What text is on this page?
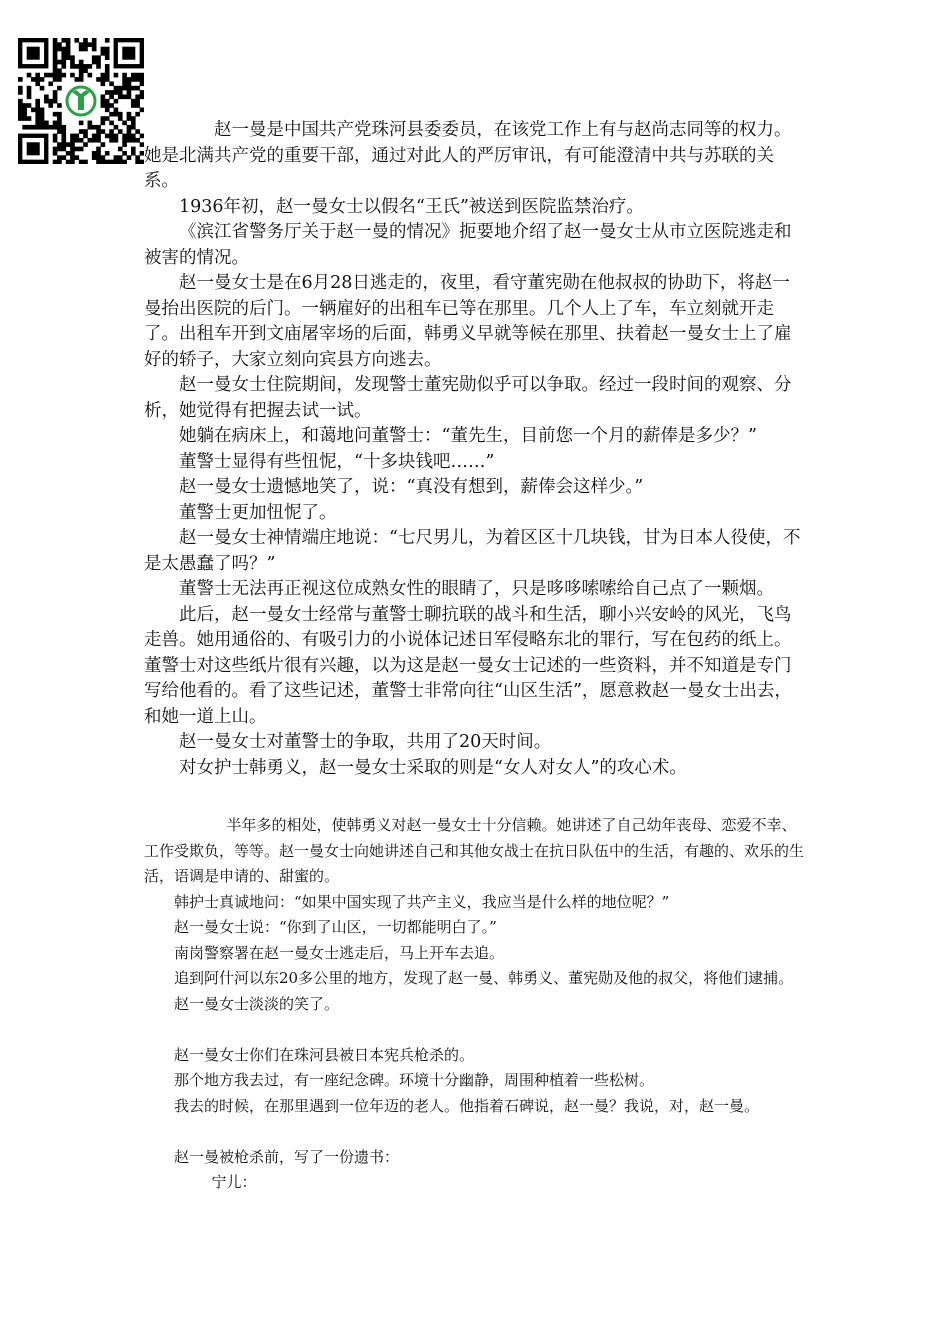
赵一曼是中国共产党珠河县委委员，在该党工作上有与赵尚志同等的权力。她是北满共产党的重要干部，通过对此人的严厉审讯，有可能澄清中共与苏联的关系。

1936年初，赵一曼女士以假名“王氏”被送到医院监禁治疗。

《滨江省警务厅关于赵一曼的情况》扼要地介绍了赵一曼女士从市立医院逃走和被害的情况。

赵一曼女士是在6月28日逃走的，夜里，看守董宪勋在他叔叔的协助下，将赵一曼抬出医院的后门。一辆雇好的出租车已等在那里。几个人上了车，车立刻就开走了。出租车开到文庙屠宰场的后面，韩勇义早就等候在那里、扶着赵一曼女士上了雇好的轿子，大家立刻向宾县方向逃去。

赵一曼女士住院期间，发现警士董宪勋似乎可以争取。经过一段时间的观察、分析，她觉得有把握去试一试。

她躺在病床上，和蔼地问董警士：“董先生，目前您一个月的薪俸是多少？”

董警士显得有些忸怩，“十多块钱吧……”

赵一曼女士遗憾地笑了，说：“真没有想到，薪俸会这样少。”

董警士更加忸怩了。

赵一曼女士神情端庄地说：“七尺男儿，为着区区十几块钱，甘为日本人役使，不是太愚蠢了吗？”

董警士无法再正视这位成熟女性的眼睛了，只是哆哆嗦嗦给自己点了一颗烟。

此后，赵一曼女士经常与董警士聊抗联的战斗和生活，聊小兴安岭的风光，飞鸟走兽。她用通俗的、有吸引力的小说体记述日军侵略东北的罪行，写在包药的纸上。董警士对这些纸片很有兴趣，以为这是赵一曼女士记述的一些资料，并不知道是专门写给他看的。看了这些记述，董警士非常向往“山区生活”，愿意救赵一曼女士出去，和她一道上山。

赵一曼女士对董警士的争取，共用了20天时间。

对女护士韩勇义，赵一曼女士采取的则是“女人对女人”的攻心术。

半年多的相处，使韩勇义对赵一曼女士十分信赖。她讲述了自己幼年丧母、恋爱不幸、工作受欺负，等等。赵一曼女士向她讲述自己和其他女战士在抗日队伍中的生活，有趣的、欢乐的生活，语调是申请的、甜蜜的。

韩护士真诚地问：“如果中国实现了共产主义，我应当是什么样的地位呢？”

赵一曼女士说：“你到了山区，一切都能明白了。”

南岗警察署在赵一曼女士逃走后，马上开车去追。

追到阿什河以东20多公里的地方，发现了赵一曼、韩勇义、董宪勋及他的叔父，将他们逮捕。

赵一曼女士淡淡的笑了。

赵一曼女士你们在珠河县被日本宪兵枪杀的。

那个地方我去过，有一座纪念碑。环境十分幽静，周围种植着一些松树。

我去的时候，在那里遇到一位年迈的老人。他指着石碑说，赵一曼？我说，对，赵一曼。

赵一曼被枪杀前，写了一份遗书：

宁儿：
